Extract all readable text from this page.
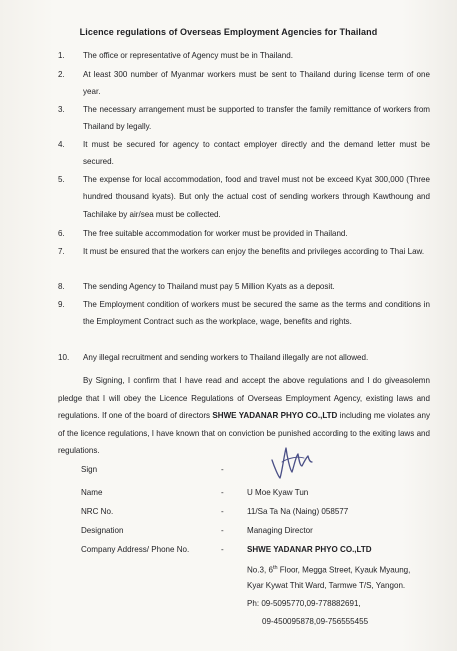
Licence regulations of Overseas Employment Agencies for Thailand
1. The office or representative of Agency must be in Thailand.
2. At least 300 number of Myanmar workers must be sent to Thailand during license term of one year.
3. The necessary arrangement must be supported to transfer the family remittance of workers from Thailand by legally.
4. It must be secured for agency to contact employer directly and the demand letter must be secured.
5. The expense for local accommodation, food and travel must not be exceed Kyat 300,000 (Three hundred thousand kyats). But only the actual cost of sending workers through Kawthoung and Tachilake by air/sea must be collected.
6. The free suitable accommodation for worker must be provided in Thailand.
7. It must be ensured that the workers can enjoy the benefits and privileges according to Thai Law.
8. The sending Agency to Thailand must pay 5 Million Kyats as a deposit.
9. The Employment condition of workers must be secured the same as the terms and conditions in the Employment Contract such as the workplace, wage, benefits and rights.
10. Any illegal recruitment and sending workers to Thailand illegally are not allowed.

By Signing, I confirm that I have read and accept the above regulations and I do giveasolemn pledge that I will obey the Licence Regulations of Overseas Employment Agency, existing laws and regulations. If one of the board of directors SHWE YADANAR PHYO CO.,LTD including me violates any of the licence regulations, I have known that on conviction be punished according to the exiting laws and regulations.

Sign	-
Name	-	U Moe Kyaw Tun
NRC No.	-	11/Sa Ta Na (Naing) 058577
Designation	-	Managing Director
Company Address/ Phone No.	-	SHWE YADANAR PHYO CO.,LTD
No.3, 6th Floor, Megga Street, Kyauk Myaung,
Kyar Kywat Thit Ward, Tarmwe T/S, Yangon.
Ph: 09-5095770,09-778882691,
09-450095878,09-756555455
